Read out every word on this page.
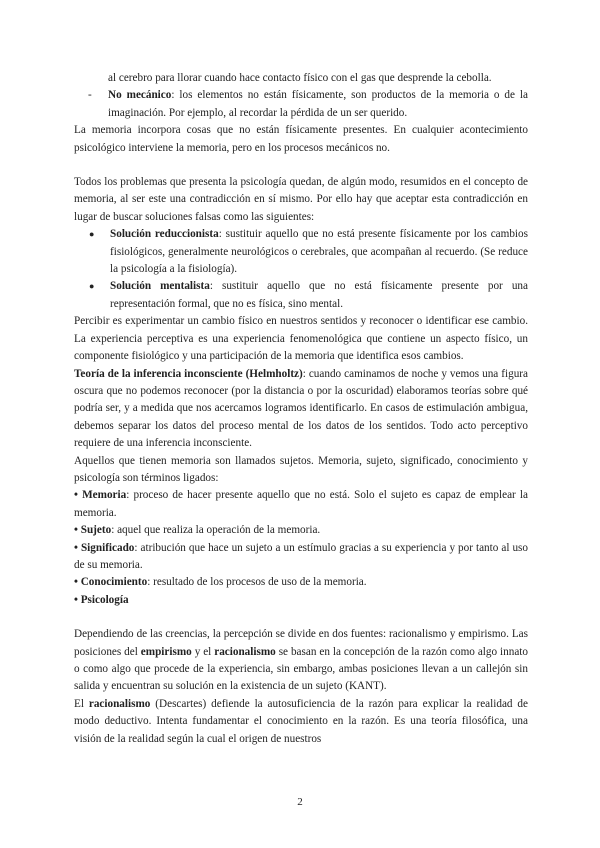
al cerebro para llorar cuando hace contacto físico con el gas que desprende la cebolla.

- No mecánico: los elementos no están físicamente, son productos de la memoria o de la imaginación. Por ejemplo, al recordar la pérdida de un ser querido.

La memoria incorpora cosas que no están físicamente presentes. En cualquier acontecimiento psicológico interviene la memoria, pero en los procesos mecánicos no.

Todos los problemas que presenta la psicología quedan, de algún modo, resumidos en el concepto de memoria, al ser este una contradicción en sí mismo. Por ello hay que aceptar esta contradicción en lugar de buscar soluciones falsas como las siguientes:

● Solución reduccionista: sustituir aquello que no está presente físicamente por los cambios fisiológicos, generalmente neurológicos o cerebrales, que acompañan al recuerdo. (Se reduce la psicología a la fisiología).

● Solución mentalista: sustituir aquello que no está físicamente presente por una representación formal, que no es física, sino mental.

Percibir es experimentar un cambio físico en nuestros sentidos y reconocer o identificar ese cambio. La experiencia perceptiva es una experiencia fenomenológica que contiene un aspecto físico, un componente fisiológico y una participación de la memoria que identifica esos cambios.

Teoría de la inferencia inconsciente (Helmholtz): cuando caminamos de noche y vemos una figura oscura que no podemos reconocer (por la distancia o por la oscuridad) elaboramos teorías sobre qué podría ser, y a medida que nos acercamos logramos identificarlo. En casos de estimulación ambigua, debemos separar los datos del proceso mental de los datos de los sentidos. Todo acto perceptivo requiere de una inferencia inconsciente.

Aquellos que tienen memoria son llamados sujetos. Memoria, sujeto, significado, conocimiento y psicología son términos ligados:

• Memoria: proceso de hacer presente aquello que no está. Solo el sujeto es capaz de emplear la memoria.

• Sujeto: aquel que realiza la operación de la memoria.

• Significado: atribución que hace un sujeto a un estímulo gracias a su experiencia y por tanto al uso de su memoria.

• Conocimiento: resultado de los procesos de uso de la memoria.

• Psicología

Dependiendo de las creencias, la percepción se divide en dos fuentes: racionalismo y empirismo. Las posiciones del empirismo y el racionalismo se basan en la concepción de la razón como algo innato o como algo que procede de la experiencia, sin embargo, ambas posiciones llevan a un callejón sin salida y encuentran su solución en la existencia de un sujeto (KANT).

El racionalismo (Descartes) defiende la autosuficiencia de la razón para explicar la realidad de modo deductivo. Intenta fundamentar el conocimiento en la razón. Es una teoría filosófica, una visión de la realidad según la cual el origen de nuestros

2
